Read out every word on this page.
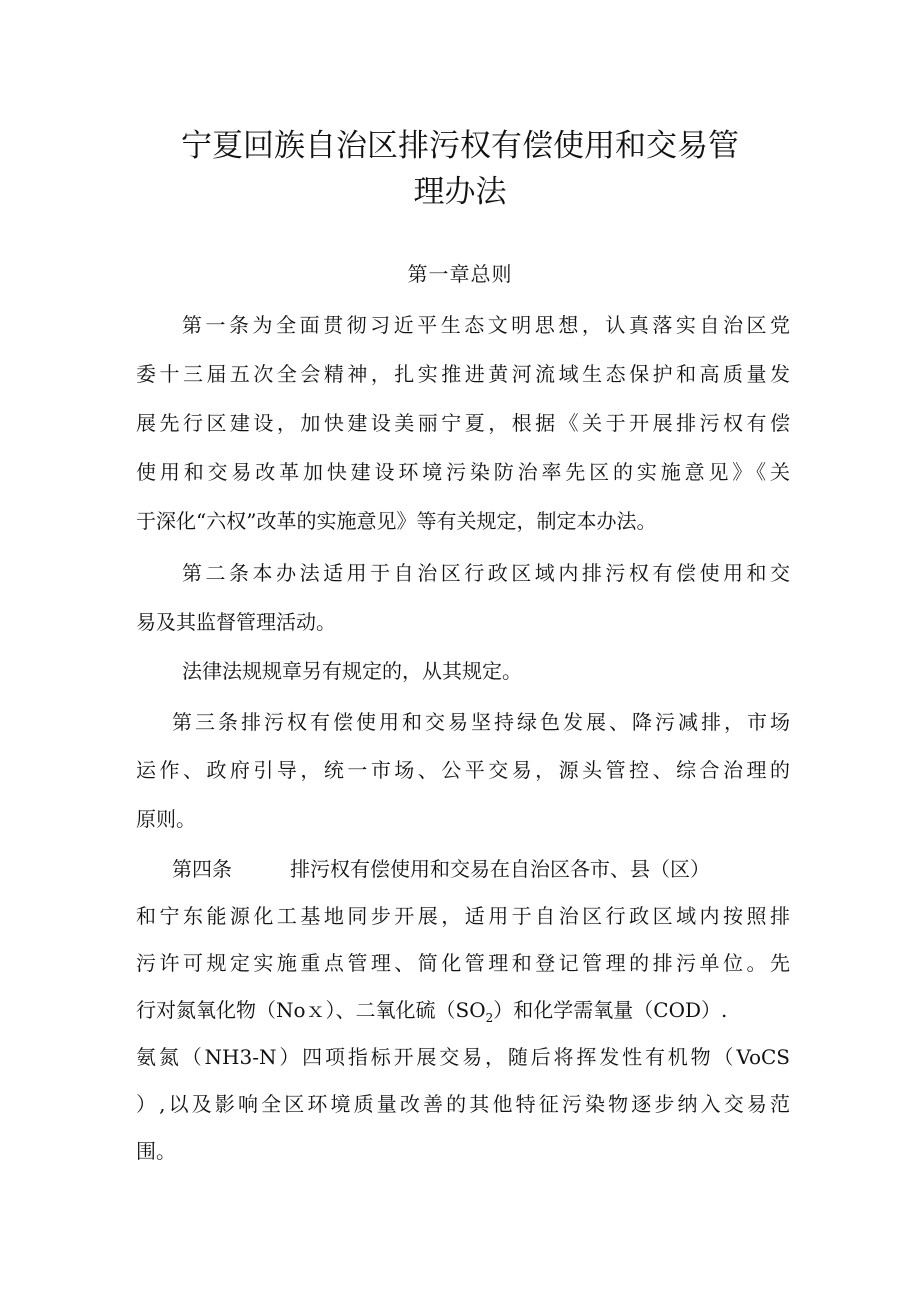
宁夏回族自治区排污权有偿使用和交易管
理办法
第一章总则
第一条为全面贯彻习近平生态文明思想，认真落实自治区党
委十三届五次全会精神，扎实推进黄河流域生态保护和高质量发
展先行区建设，加快建设美丽宁夏，根据《关于开展排污权有偿
使用和交易改革加快建设环境污染防治率先区的实施意见》《关
于深化“六权”改革的实施意见》等有关规定，制定本办法。
第二条本办法适用于自治区行政区域内排污权有偿使用和交
易及其监督管理活动。
法律法规规章另有规定的，从其规定。
第三条排污权有偿使用和交易坚持绿色发展、降污减排，市场
运作、政府引导，统一市场、公平交易，源头管控、综合治理的
原则。
第四条	排污权有偿使用和交易在自治区各市、县（区）
和宁东能源化工基地同步开展，适用于自治区行政区域内按照排
污许可规定实施重点管理、简化管理和登记管理的排污单位。先
行对氮氧化物（Noｘ）、二氧化硫$(SO_2)$和化学需氧量（COD）.
氨氮（NH3-N）四项指标开展交易，随后将挥发性有机物（VoCS
）,以及影响全区环境质量改善的其他特征污染物逐步纳入交易范
围。
